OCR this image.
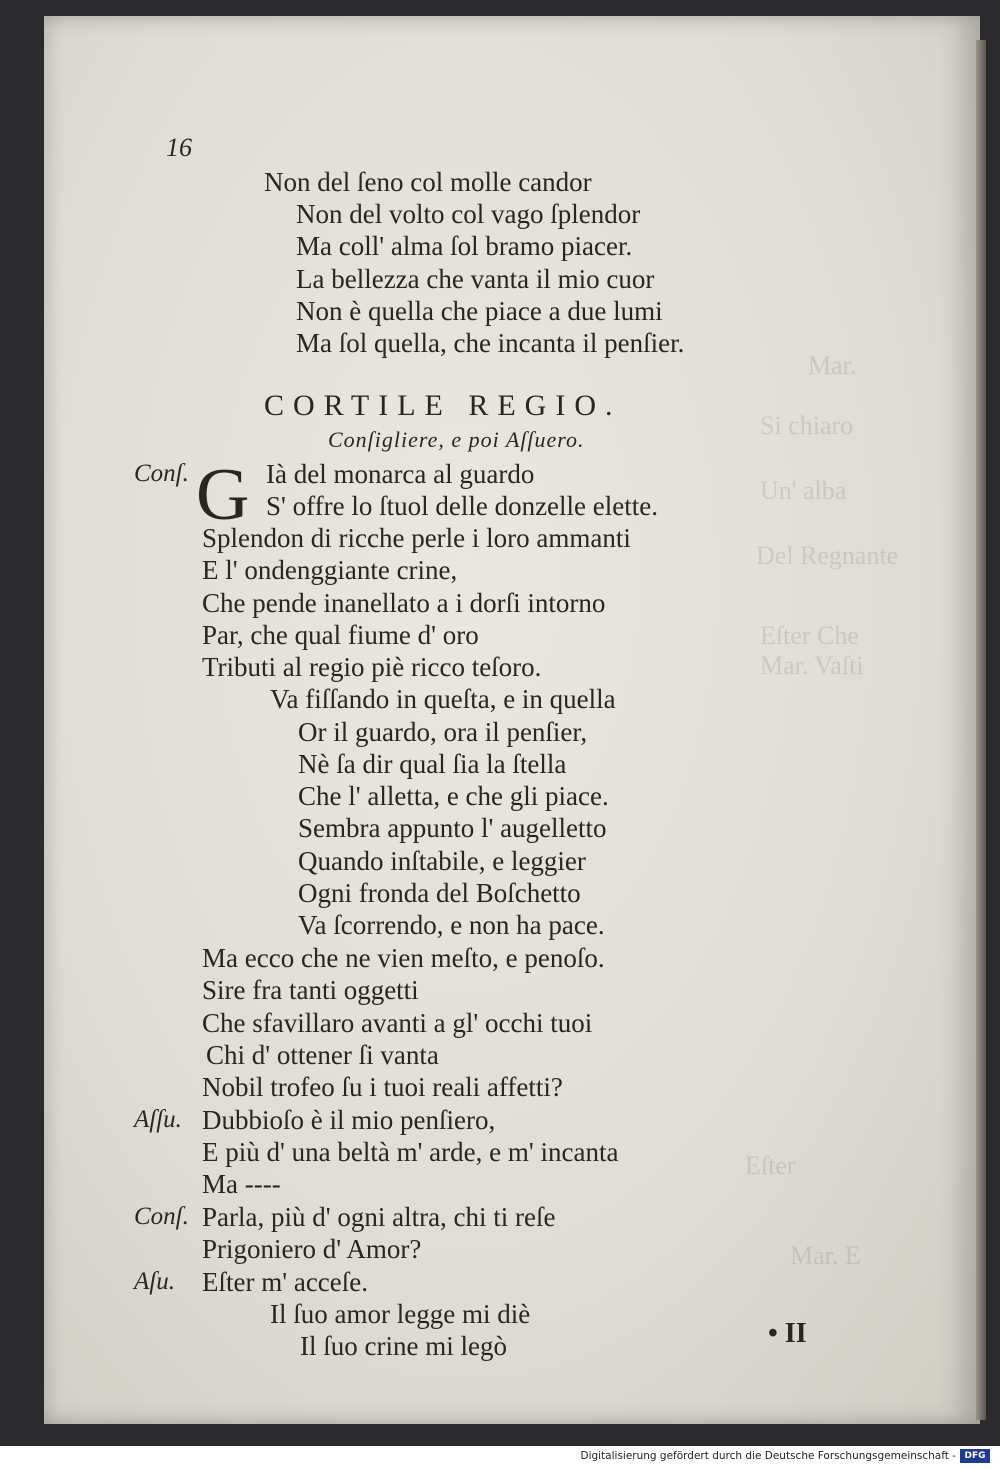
Mar.
Si chiaro
Un' alba
Del Regnante
Eſter Che
Mar. Vaſti
Eſter
Mar. E
16
Non del ſeno col molle candor
Non del volto col vago ſplendor
Ma coll' alma ſol bramo piacer.
La bellezza che vanta il mio cuor
Non è quella che piace a due lumi
Ma ſol quella, che incanta il penſier.
CORTILE REGIO.
Conſigliere, e poi Aſſuero.
G
Conſ.
Aſſu.
Conſ.
Aſu.
Ià del monarca al guardo
S' offre lo ſtuol delle donzelle elette.
Splendon di ricche perle i loro ammanti
E l' ondenggiante crine,
Che pende inanellato a i dorſi intorno
Par, che qual fiume d' oro
Tributi al regio piè ricco teſoro.
Va fiſſando in queſta, e in quella
Or il guardo, ora il penſier,
Nè ſa dir qual ſia la ſtella
Che l' alletta, e che gli piace.
Sembra appunto l' augelletto
Quando inſtabile, e leggier
Ogni fronda del Boſchetto
Va ſcorrendo, e non ha pace.
Ma ecco che ne vien meſto, e penoſo.
Sire fra tanti oggetti
Che sfavillaro avanti a gl' occhi tuoi
Chi d' ottener ſi vanta
Nobil trofeo ſu i tuoi reali affetti?
Dubbioſo è il mio penſiero,
E più d' una beltà m' arde, e m' incanta
Ma ----
Parla, più d' ogni altra, chi ti reſe
Prigoniero d' Amor?
Eſter m' acceſe.
Il ſuo amor legge mi diè
Il ſuo crine mi legò	• II
Digitalisierung gefördert durch die Deutsche Forschungsgemeinschaft - DFG
